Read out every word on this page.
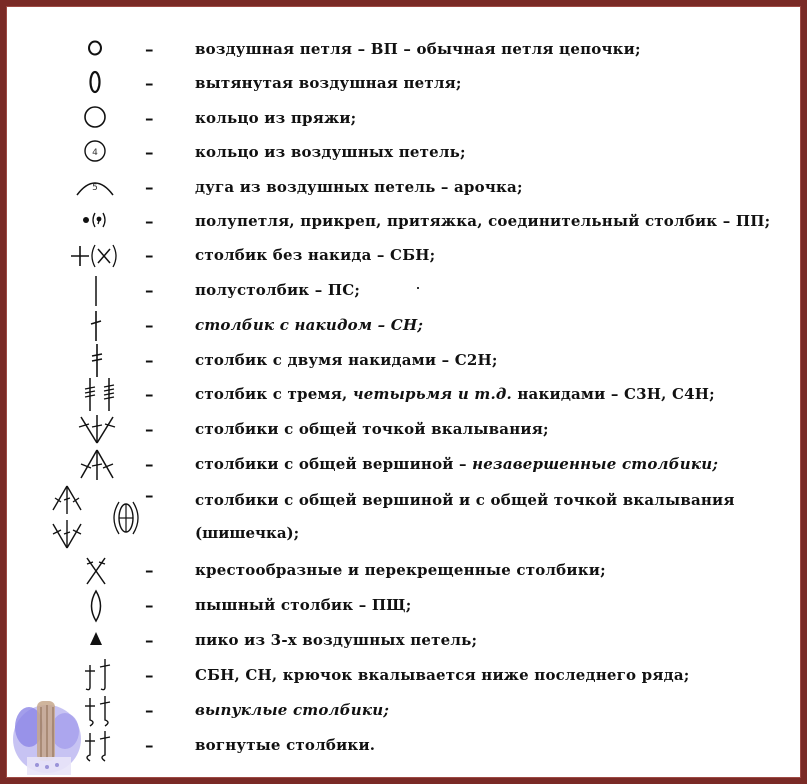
–	воздушная петля – ВП – обычная петля цепочки;
–	вытянутая воздушная петля;
–	кольцо из пряжи;
4	–	кольцо из воздушных петель;
5	–	дуга из воздушных петель – арочка;
–	полупетля, прикреп, притяжка, соединительный столбик – ПП;
–	столбик без накида – СБН;
–	полустолбик – ПС;
–	столбик с накидом – СН;
–	столбик с двумя накидами – С2Н;
–	столбик с тремя, четырьмя и т.д. накидами – С3Н, С4Н;
–	столбики с общей точкой вкалывания;
–	столбики с общей вершиной – незавершенные столбики;
–	столбики с общей вершиной и с общей точкой вкалывания
(шишечка);
–	крестообразные и перекрещенные столбики;
–	пышный столбик – ПЩ;
–	пико из 3-х воздушных петель;
–	СБН, СН, крючок вкалывается ниже последнего ряда;
–	выпуклые столбики;
–	вогнутые столбики.
